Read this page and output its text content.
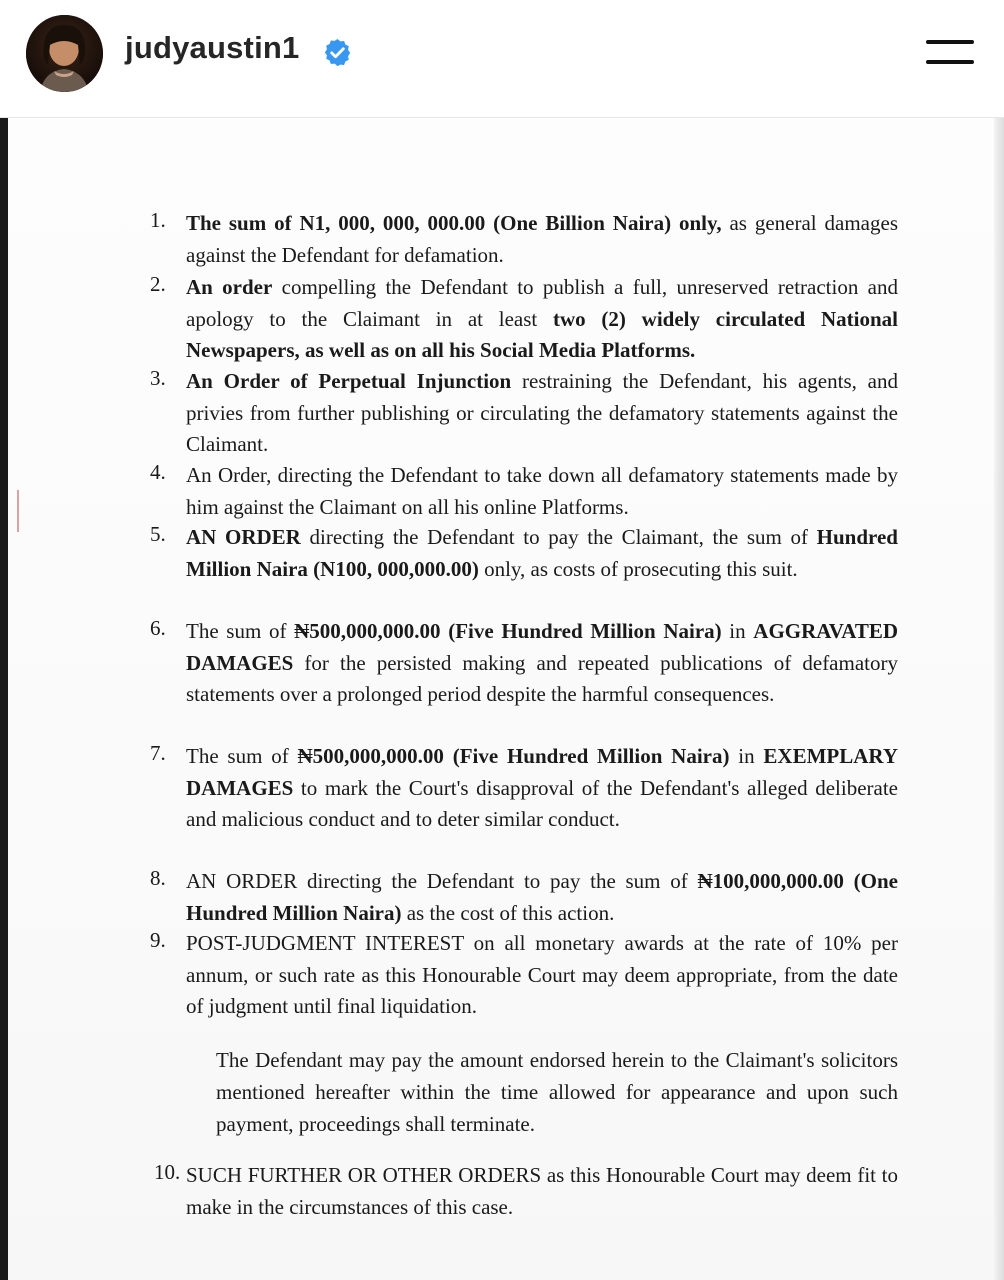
judyaustin1
1. The sum of N1, 000, 000, 000.00 (One Billion Naira) only, as general damages against the Defendant for defamation.
2. An order compelling the Defendant to publish a full, unreserved retraction and apology to the Claimant in at least two (2) widely circulated National Newspapers, as well as on all his Social Media Platforms.
3. An Order of Perpetual Injunction restraining the Defendant, his agents, and privies from further publishing or circulating the defamatory statements against the Claimant.
4. An Order, directing the Defendant to take down all defamatory statements made by him against the Claimant on all his online Platforms.
5. AN ORDER directing the Defendant to pay the Claimant, the sum of Hundred Million Naira (N100, 000,000.00) only, as costs of prosecuting this suit.
6. The sum of ₦500,000,000.00 (Five Hundred Million Naira) in AGGRAVATED DAMAGES for the persisted making and repeated publications of defamatory statements over a prolonged period despite the harmful consequences.
7. The sum of ₦500,000,000.00 (Five Hundred Million Naira) in EXEMPLARY DAMAGES to mark the Court's disapproval of the Defendant's alleged deliberate and malicious conduct and to deter similar conduct.
8. AN ORDER directing the Defendant to pay the sum of ₦100,000,000.00 (One Hundred Million Naira) as the cost of this action.
9. POST-JUDGMENT INTEREST on all monetary awards at the rate of 10% per annum, or such rate as this Honourable Court may deem appropriate, from the date of judgment until final liquidation.
The Defendant may pay the amount endorsed herein to the Claimant's solicitors mentioned hereafter within the time allowed for appearance and upon such payment, proceedings shall terminate.
10. SUCH FURTHER OR OTHER ORDERS as this Honourable Court may deem fit to make in the circumstances of this case.
